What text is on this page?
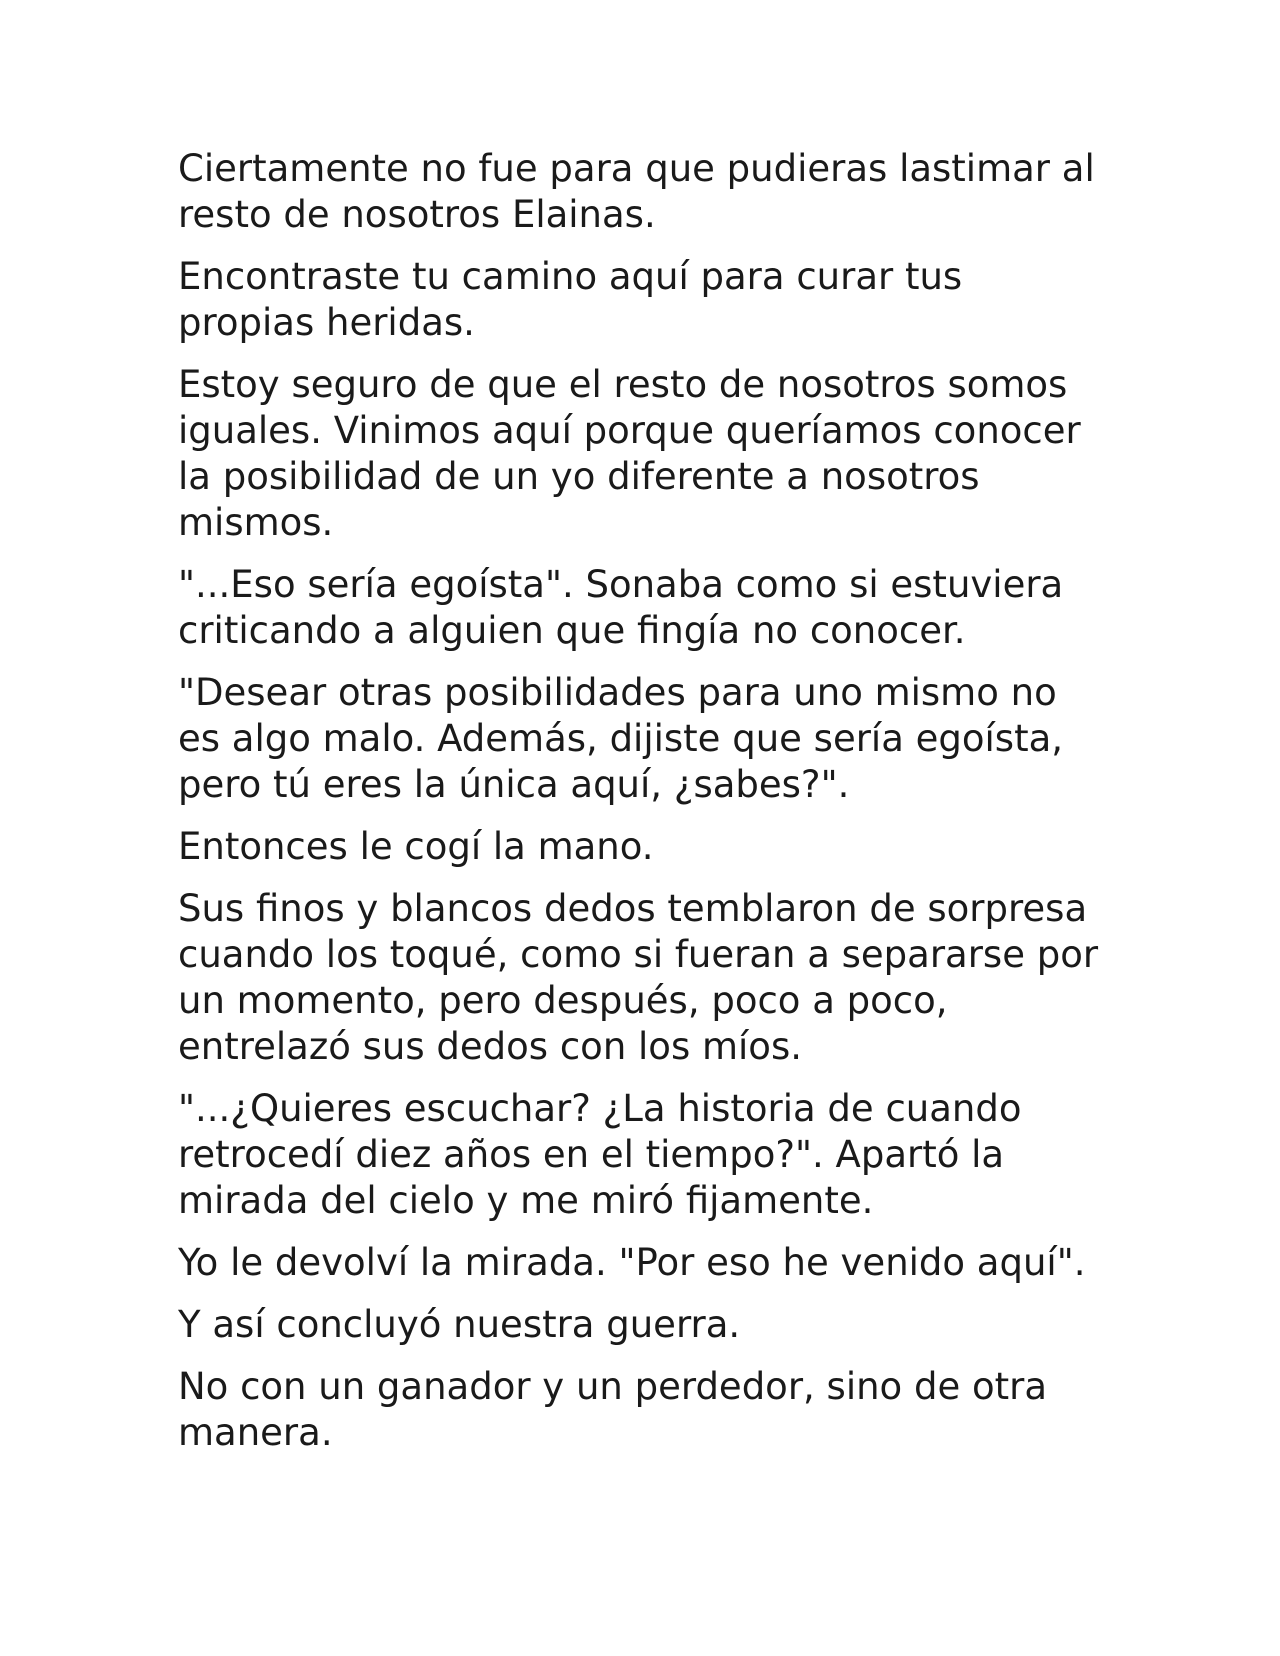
Ciertamente no fue para que pudieras lastimar al resto de nosotros Elainas.

Encontraste tu camino aquí para curar tus propias heridas.

Estoy seguro de que el resto de nosotros somos iguales. Vinimos aquí porque queríamos conocer la posibilidad de un yo diferente a nosotros mismos.

"...Eso sería egoísta". Sonaba como si estuviera criticando a alguien que fingía no conocer.

"Desear otras posibilidades para uno mismo no es algo malo. Además, dijiste que sería egoísta, pero tú eres la única aquí, ¿sabes?".

Entonces le cogí la mano.

Sus finos y blancos dedos temblaron de sorpresa cuando los toqué, como si fueran a separarse por un momento, pero después, poco a poco, entrelazó sus dedos con los míos.

"...¿Quieres escuchar? ¿La historia de cuando retrocedí diez años en el tiempo?". Apartó la mirada del cielo y me miró fijamente.

Yo le devolví la mirada. "Por eso he venido aquí".

Y así concluyó nuestra guerra.

No con un ganador y un perdedor, sino de otra manera.
